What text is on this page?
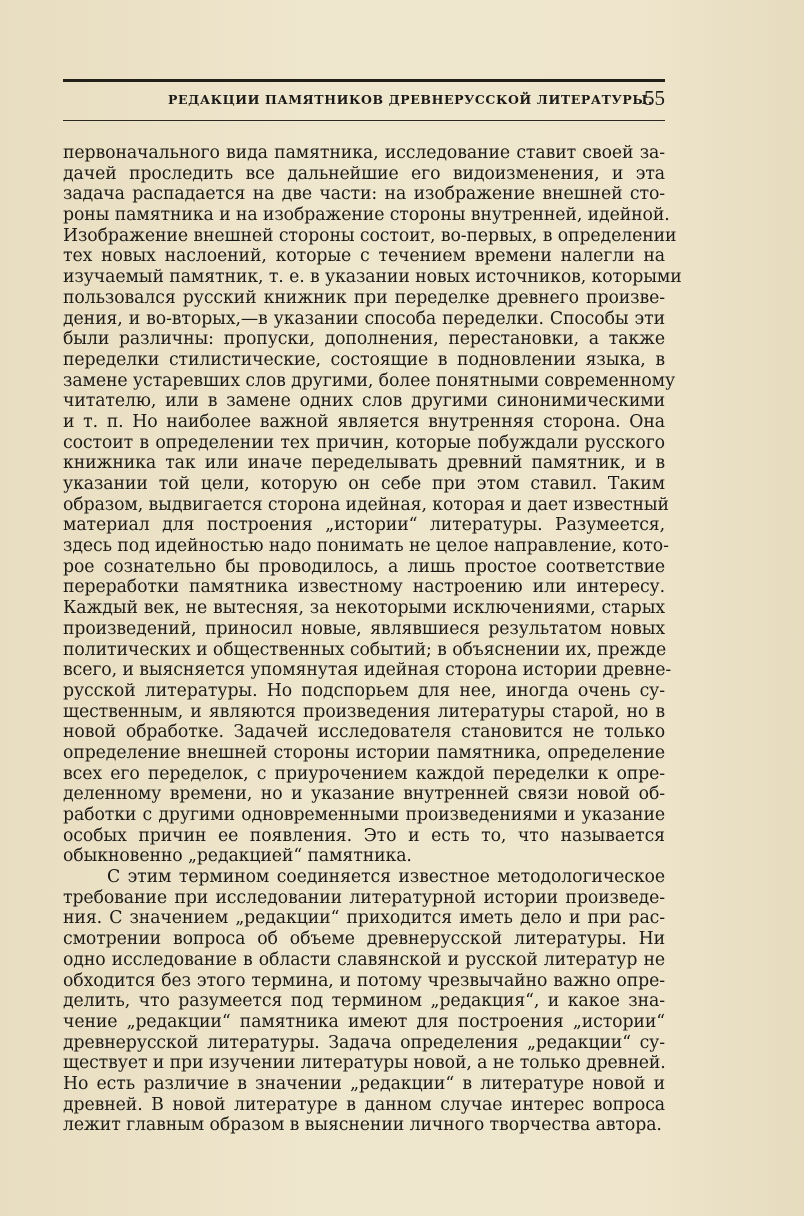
РЕДАКЦИИ ПАМЯТНИКОВ ДРЕВНЕРУССКОЙ ЛИТЕРАТУРЫ.
55
первоначального вида памятника, исследование ставит своей за-
дачей проследить все дальнейшие его видоизменения, и эта
задача распадается на две части: на изображение внешней сто-
роны памятника и на изображение стороны внутренней, идейной.
Изображение внешней стороны состоит, во-первых, в определении
тех новых наслоений, которые с течением времени налегли на
изучаемый памятник, т. е. в указании новых источников, которыми
пользовался русский книжник при переделке древнего произве-
дения, и во-вторых,—в указании способа переделки. Способы эти
были различны: пропуски, дополнения, перестановки, а также
переделки стилистические, состоящие в подновлении языка, в
замене устаревших слов другими, более понятными современному
читателю, или в замене одних слов другими синонимическими
и т. п. Но наиболее важной является внутренняя сторона. Она
состоит в определении тех причин, которые побуждали русского
книжника так или иначе переделывать древний памятник, и в
указании той цели, которую он себе при этом ставил. Таким
образом, выдвигается сторона идейная, которая и дает известный
материал для построения „истории“ литературы. Разумеется,
здесь под идейностью надо понимать не целое направление, кото-
рое сознательно бы проводилось, а лишь простое соответствие
переработки памятника известному настроению или интересу.
Каждый век, не вытесняя, за некоторыми исключениями, старых
произведений, приносил новые, являвшиеся результатом новых
политических и общественных событий; в объяснении их, прежде
всего, и выясняется упомянутая идейная сторона истории древне-
русской литературы. Но подспорьем для нее, иногда очень су-
щественным, и являются произведения литературы старой, но в
новой обработке. Задачей исследователя становится не только
определение внешней стороны истории памятника, определение
всех его переделок, с приурочением каждой переделки к опре-
деленному времени, но и указание внутренней связи новой об-
работки с другими одновременными произведениями и указание
особых причин ее появления. Это и есть то, что называется
обыкновенно „редакцией“ памятника.
С этим термином соединяется известное методологическое
требование при исследовании литературной истории произведе-
ния. С значением „редакции“ приходится иметь дело и при рас-
смотрении вопроса об объеме древнерусской литературы. Ни
одно исследование в области славянской и русской литератур не
обходится без этого термина, и потому чрезвычайно важно опре-
делить, что разумеется под термином „редакция“, и какое зна-
чение „редакции“ памятника имеют для построения „истории“
древнерусской литературы. Задача определения „редакции“ су-
ществует и при изучении литературы новой, а не только древней.
Но есть различие в значении „редакции“ в литературе новой и
древней. В новой литературе в данном случае интерес вопроса
лежит главным образом в выяснении личного творчества автора.
